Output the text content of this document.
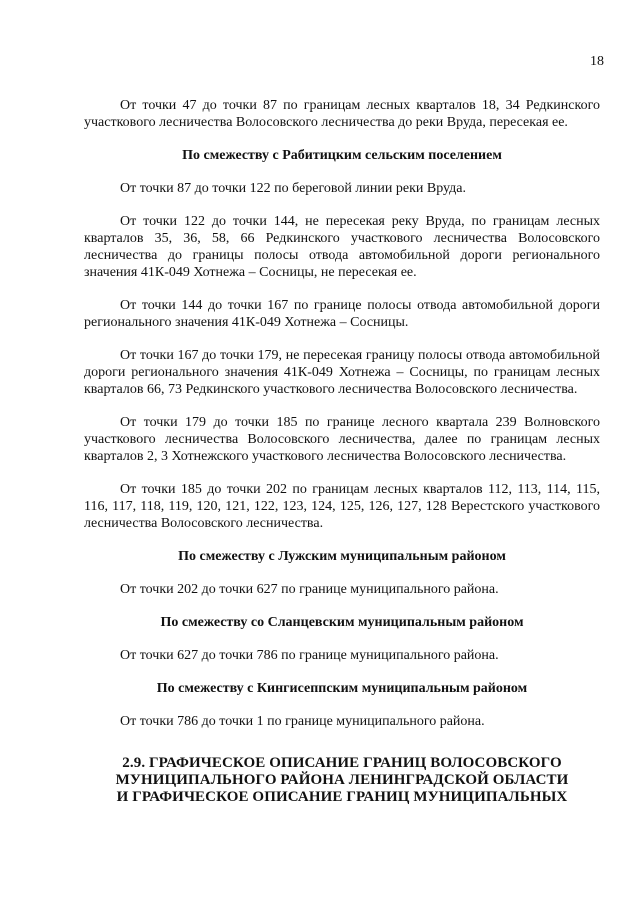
18

От точки 47 до точки 87 по границам лесных кварталов 18, 34 Редкинского участкового лесничества Волосовского лесничества до реки Вруда, пересекая ее.

По смежеству с Рабитицким сельским поселением

От точки 87 до точки 122 по береговой линии реки Вруда.

От точки 122 до точки 144, не пересекая реку Вруда, по границам лесных кварталов 35, 36, 58, 66 Редкинского участкового лесничества Волосовского лесничества до границы полосы отвода автомобильной дороги регионального значения 41К-049 Хотнежа – Сосницы, не пересекая ее.

От точки 144 до точки 167 по границе полосы отвода автомобильной дороги регионального значения 41К-049 Хотнежа – Сосницы.

От точки 167 до точки 179, не пересекая границу полосы отвода автомобильной дороги регионального значения 41К-049 Хотнежа – Сосницы, по границам лесных кварталов 66, 73 Редкинского участкового лесничества Волосовского лесничества.

От точки 179 до точки 185 по границе лесного квартала 239 Волновского участкового лесничества Волосовского лесничества, далее по границам лесных кварталов 2, 3 Хотнежского участкового лесничества Волосовского лесничества.

От точки 185 до точки 202 по границам лесных кварталов 112, 113, 114, 115, 116, 117, 118, 119, 120, 121, 122, 123, 124, 125, 126, 127, 128 Верестского участкового лесничества Волосовского лесничества.

По смежеству с Лужским муниципальным районом

От точки 202 до точки 627 по границе муниципального района.

По смежеству со Сланцевским муниципальным районом

От точки 627 до точки 786 по границе муниципального района.

По смежеству с Кингисеппским муниципальным районом

От точки 786 до точки 1 по границе муниципального района.

2.9. ГРАФИЧЕСКОЕ ОПИСАНИЕ ГРАНИЦ ВОЛОСОВСКОГО
МУНИЦИПАЛЬНОГО РАЙОНА ЛЕНИНГРАДСКОЙ ОБЛАСТИ
И ГРАФИЧЕСКОЕ ОПИСАНИЕ ГРАНИЦ МУНИЦИПАЛЬНЫХ
